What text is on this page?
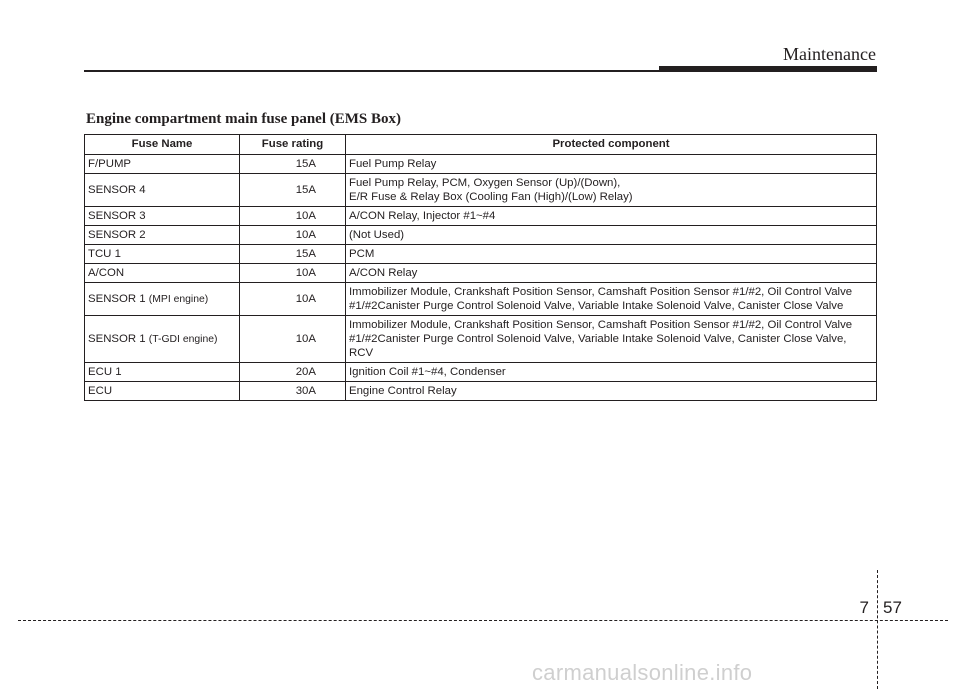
Maintenance
Engine compartment main fuse panel (EMS Box)
Fuse Name	Fuse rating	Protected component
F/PUMP	15A	Fuel Pump Relay
SENSOR 4	15A	Fuel Pump Relay, PCM, Oxygen Sensor (Up)/(Down),
E/R Fuse & Relay Box (Cooling Fan (High)/(Low) Relay)
SENSOR 3	10A	A/CON Relay, Injector #1~#4
SENSOR 2	10A	(Not Used)
TCU 1	15A	PCM
A/CON	10A	A/CON Relay
SENSOR 1 (MPI engine)	10A	Immobilizer Module, Crankshaft Position Sensor, Camshaft Position Sensor #1/#2, Oil Control Valve
#1/#2Canister Purge Control Solenoid Valve, Variable Intake Solenoid Valve, Canister Close Valve
SENSOR 1 (T-GDI engine)	10A	Immobilizer Module, Crankshaft Position Sensor, Camshaft Position Sensor #1/#2, Oil Control Valve
#1/#2Canister Purge Control Solenoid Valve, Variable Intake Solenoid Valve, Canister Close Valve,
RCV
ECU 1	20A	Ignition Coil #1~#4, Condenser
ECU	30A	Engine Control Relay
7 57
carmanualsonline.info
